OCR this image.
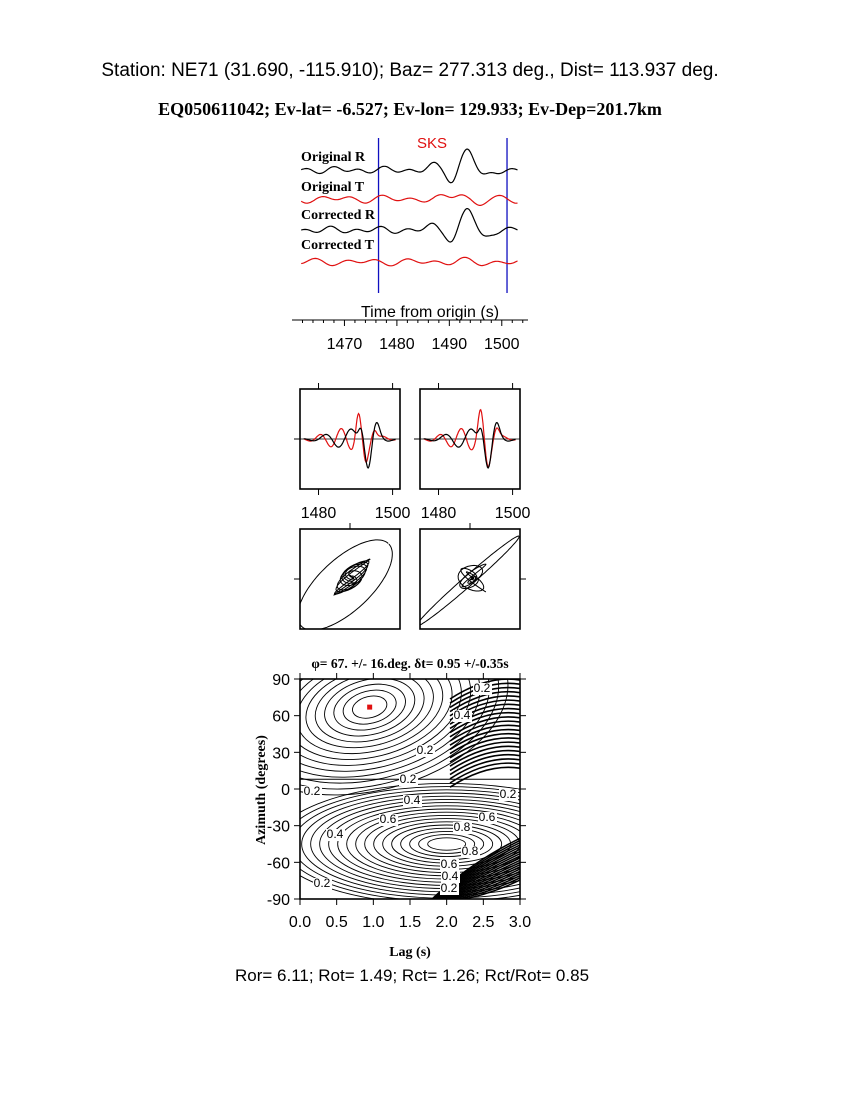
Station: NE71 (31.690, -115.910); Baz= 277.313 deg., Dist= 113.937 deg.
EQ050611042; Ev-lat= -6.527; Ev-lon= 129.933; Ev-Dep=201.7km
SKS
Original R
Original T
Corrected R
Corrected T
Time from origin (s)
1470 1480 1490 1500
1480 1500 1480 1500
φ= 67. +/- 16.deg. δt= 0.95 +/-0.35s
0.2
0.4
0.2
0.2
0.4	0.2
0.2
0.6	0.6
0.8
0.4
0.8
0.6
0.4
0.2
0.2
90
60
30
0
-30
-60
-90
0.0 0.5 1.0 1.5 2.0 2.5 3.0
Azimuth (degrees)
Lag (s)
Ror= 6.11; Rot= 1.49; Rct= 1.26; Rct/Rot= 0.85
